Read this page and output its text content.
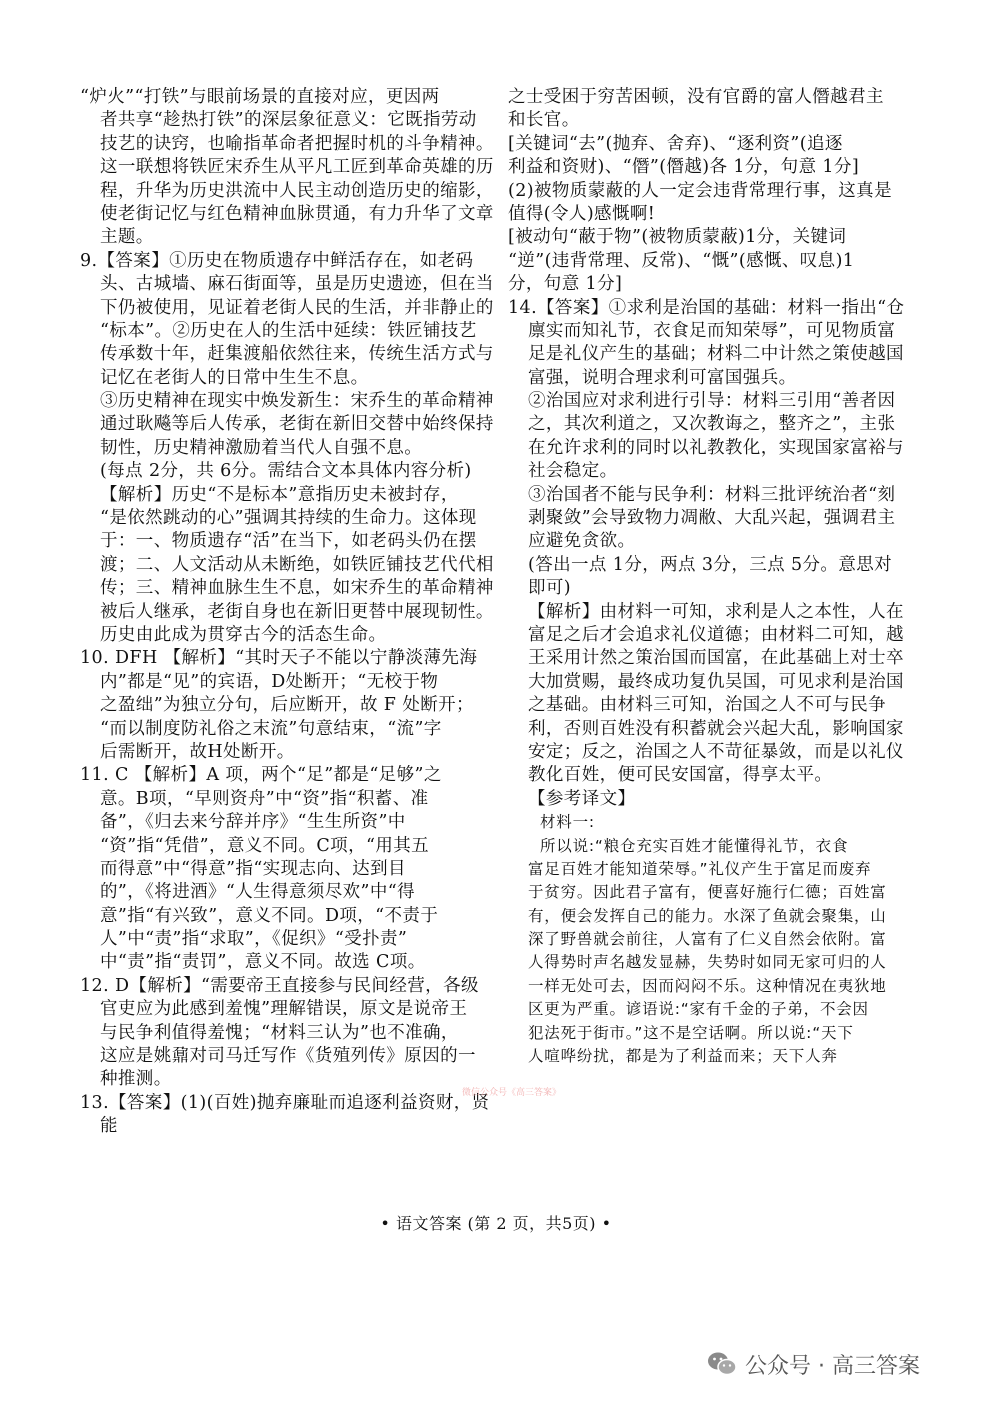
“炉火”“打铁”与眼前场景的直接对应，更因两
者共享“趁热打铁”的深层象征意义：它既指劳动
技艺的诀窍，也喻指革命者把握时机的斗争精神。
这一联想将铁匠宋乔生从平凡工匠到革命英雄的历
程，升华为历史洪流中人民主动创造历史的缩影，
使老街记忆与红色精神血脉贯通，有力升华了文章
主题。
9.【答案】①历史在物质遗存中鲜活存在，如老码
头、古城墙、麻石街面等，虽是历史遗迹，但在当
下仍被使用，见证着老街人民的生活，并非静止的
“标本”。②历史在人的生活中延续：铁匠铺技艺
传承数十年，赶集渡船依然往来，传统生活方式与
记忆在老街人的日常中生生不息。
③历史精神在现实中焕发新生：宋乔生的革命精神
通过耿飚等后人传承，老街在新旧交替中始终保持
韧性，历史精神激励着当代人自强不息。
(每点 2分，共 6分。需结合文本具体内容分析)
【解析】历史“不是标本”意指历史未被封存，
“是依然跳动的心”强调其持续的生命力。这体现
于：一、物质遗存“活”在当下，如老码头仍在摆
渡；二、人文活动从未断绝，如铁匠铺技艺代代相
传；三、精神血脉生生不息，如宋乔生的革命精神
被后人继承，老街自身也在新旧更替中展现韧性。
历史由此成为贯穿古今的活态生命。
10. DFH 【解析】“其时天子不能以宁静淡薄先海
内”都是“见”的宾语，D处断开；“无校于物
之盈绌”为独立分句，后应断开，故 F 处断开；
“而以制度防礼俗之末流”句意结束，“流”字
后需断开，故H处断开。
11. C 【解析】A 项，两个“足”都是“足够”之
意。B项，“早则资舟”中“资”指“积蓄、准
备”，《归去来兮辞并序》“生生所资”中
“资”指“凭借”，意义不同。C项，“用其五
而得意”中“得意”指“实现志向、达到目
的”，《将进酒》“人生得意须尽欢”中“得
意”指“有兴致”，意义不同。D项，“不责于
人”中“责”指“求取”，《促织》“受扑责”
中“责”指“责罚”，意义不同。故选 C项。
12. D【解析】“需要帝王直接参与民间经营，各级
官吏应为此感到羞愧”理解错误，原文是说帝王
与民争利值得羞愧；“材料三认为”也不准确，
这应是姚鼐对司马迁写作《货殖列传》原因的一
种推测。
13.【答案】(1)(百姓)抛弃廉耻而追逐利益资财，贤
能
之士受困于穷苦困顿，没有官爵的富人僭越君主
和长官。
[关键词“去”(抛弃、舍弃)、“逐利资”(追逐
利益和资财)、“僭”(僭越)各 1分，句意 1分]
(2)被物质蒙蔽的人一定会违背常理行事，这真是
值得(令人)感慨啊!
[被动句“蔽于物”(被物质蒙蔽)1分，关键词
“逆”(违背常理、反常)、“慨”(感慨、叹息)1
分，句意 1分]
14.【答案】①求利是治国的基础：材料一指出“仓
廪实而知礼节，衣食足而知荣辱”，可见物质富
足是礼仪产生的基础；材料二中计然之策使越国
富强，说明合理求利可富国强兵。
②治国应对求利进行引导：材料三引用“善者因
之，其次利道之，又次教诲之，整齐之”，主张
在允许求利的同时以礼教教化，实现国家富裕与
社会稳定。
③治国者不能与民争利：材料三批评统治者“刻
剥聚敛”会导致物力凋敝、大乱兴起，强调君主
应避免贪欲。
(答出一点 1分，两点 3分，三点 5分。意思对
即可)
【解析】由材料一可知，求利是人之本性，人在
富足之后才会追求礼仪道德；由材料二可知，越
王采用计然之策治国而国富，在此基础上对士卒
大加赏赐，最终成功复仇吴国，可见求利是治国
之基础。由材料三可知，治国之人不可与民争
利，否则百姓没有积蓄就会兴起大乱，影响国家
安定；反之，治国之人不苛征暴敛，而是以礼仪
教化百姓，便可民安国富，得享太平。
【参考译文】
材料一:
所以说:“粮仓充实百姓才能懂得礼节，衣食
富足百姓才能知道荣辱。”礼仪产生于富足而废弃
于贫穷。因此君子富有，便喜好施行仁德；百姓富
有，便会发挥自己的能力。水深了鱼就会聚集，山
深了野兽就会前往，人富有了仁义自然会依附。富
人得势时声名越发显赫，失势时如同无家可归的人
一样无处可去，因而闷闷不乐。这种情况在夷狄地
区更为严重。谚语说:“家有千金的子弟，不会因
犯法死于街市。”这不是空话啊。所以说:“天下
人喧哗纷扰，都是为了利益而来；天下人奔
微信公众号《高三答案》
• 语文答案 (第 2 页，共5页) •
公众号 · 高三答案
